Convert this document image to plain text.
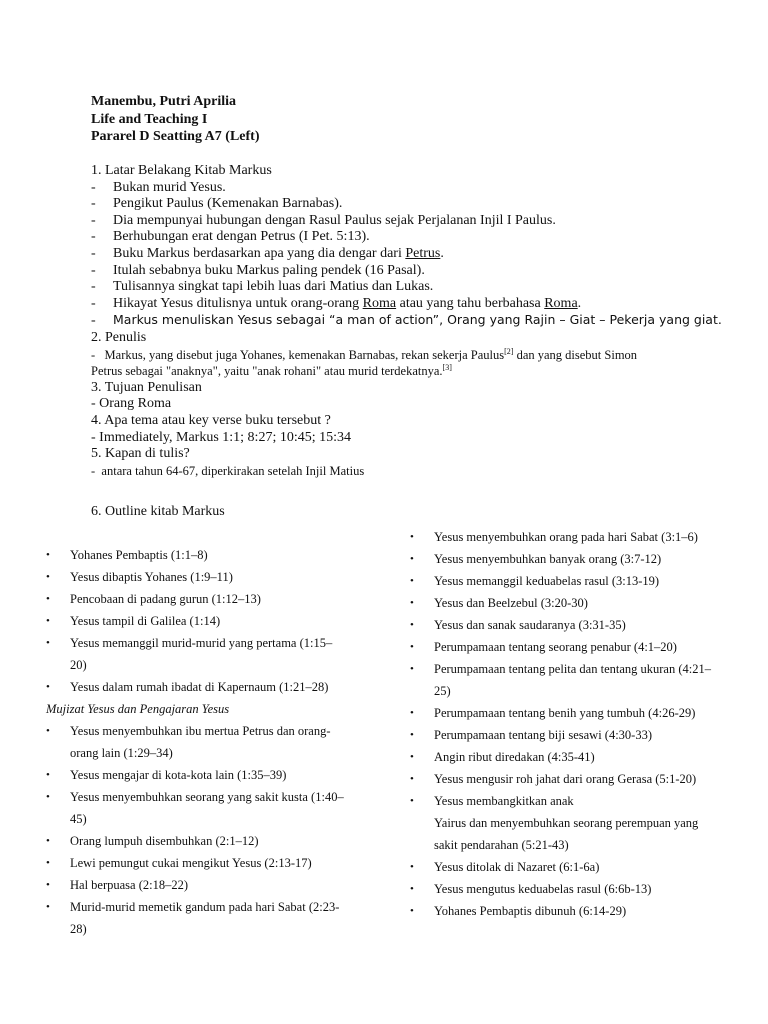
Manembu, Putri Aprilia
Life and Teaching I
Pararel D Seatting A7 (Left)
1. Latar Belakang Kitab Markus
- Bukan murid Yesus.
- Pengikut Paulus (Kemenakan Barnabas).
- Dia mempunyai hubungan dengan Rasul Paulus sejak Perjalanan Injil I Paulus.
- Berhubungan erat dengan Petrus (I Pet. 5:13).
- Buku Markus berdasarkan apa yang dia dengar dari Petrus.
- Itulah sebabnya buku Markus paling pendek (16 Pasal).
- Tulisannya singkat tapi lebih luas dari Matius dan Lukas.
- Hikayat Yesus ditulisnya untuk orang-orang Roma atau yang tahu berbahasa Roma.
- Markus menuliskan Yesus sebagai “a man of action”, Orang yang Rajin – Giat – Pekerja yang giat.
2. Penulis
- Markus, yang disebut juga Yohanes, kemenakan Barnabas, rekan sekerja Paulus[2] dan yang disebut Simon
Petrus sebagai "anaknya", yaitu "anak rohani" atau murid terdekatnya.[3]
3. Tujuan Penulisan
- Orang Roma
4. Apa tema atau key verse buku tersebut ?
- Immediately, Markus 1:1; 8:27; 10:45; 15:34
5. Kapan di tulis?
- antara tahun 64-67, diperkirakan setelah Injil Matius
6. Outline kitab Markus
• Yohanes Pembaptis (1:1–8)
• Yesus dibaptis Yohanes (1:9–11)
• Pencobaan di padang gurun (1:12–13)
• Yesus tampil di Galilea (1:14)
• Yesus memanggil murid-murid yang pertama (1:15–
20)
• Yesus dalam rumah ibadat di Kapernaum (1:21–28)
Mujizat Yesus dan Pengajaran Yesus
• Yesus menyembuhkan ibu mertua Petrus dan orang-
orang lain (1:29–34)
• Yesus mengajar di kota-kota lain (1:35–39)
• Yesus menyembuhkan seorang yang sakit kusta (1:40–
45)
• Orang lumpuh disembuhkan (2:1–12)
• Lewi pemungut cukai mengikut Yesus (2:13-17)
• Hal berpuasa (2:18–22)
• Murid-murid memetik gandum pada hari Sabat (2:23-
28)
• Yesus menyembuhkan orang pada hari Sabat (3:1–6)
• Yesus menyembuhkan banyak orang (3:7-12)
• Yesus memanggil keduabelas rasul (3:13-19)
• Yesus dan Beelzebul (3:20-30)
• Yesus dan sanak saudaranya (3:31-35)
• Perumpamaan tentang seorang penabur (4:1–20)
• Perumpamaan tentang pelita dan tentang ukuran (4:21–
25)
• Perumpamaan tentang benih yang tumbuh (4:26-29)
• Perumpamaan tentang biji sesawi (4:30-33)
• Angin ribut diredakan (4:35-41)
• Yesus mengusir roh jahat dari orang Gerasa (5:1-20)
• Yesus membangkitkan anak
Yairus dan menyembuhkan seorang perempuan yang
sakit pendarahan (5:21-43)
• Yesus ditolak di Nazaret (6:1-6a)
• Yesus mengutus keduabelas rasul (6:6b-13)
• Yohanes Pembaptis dibunuh (6:14-29)
